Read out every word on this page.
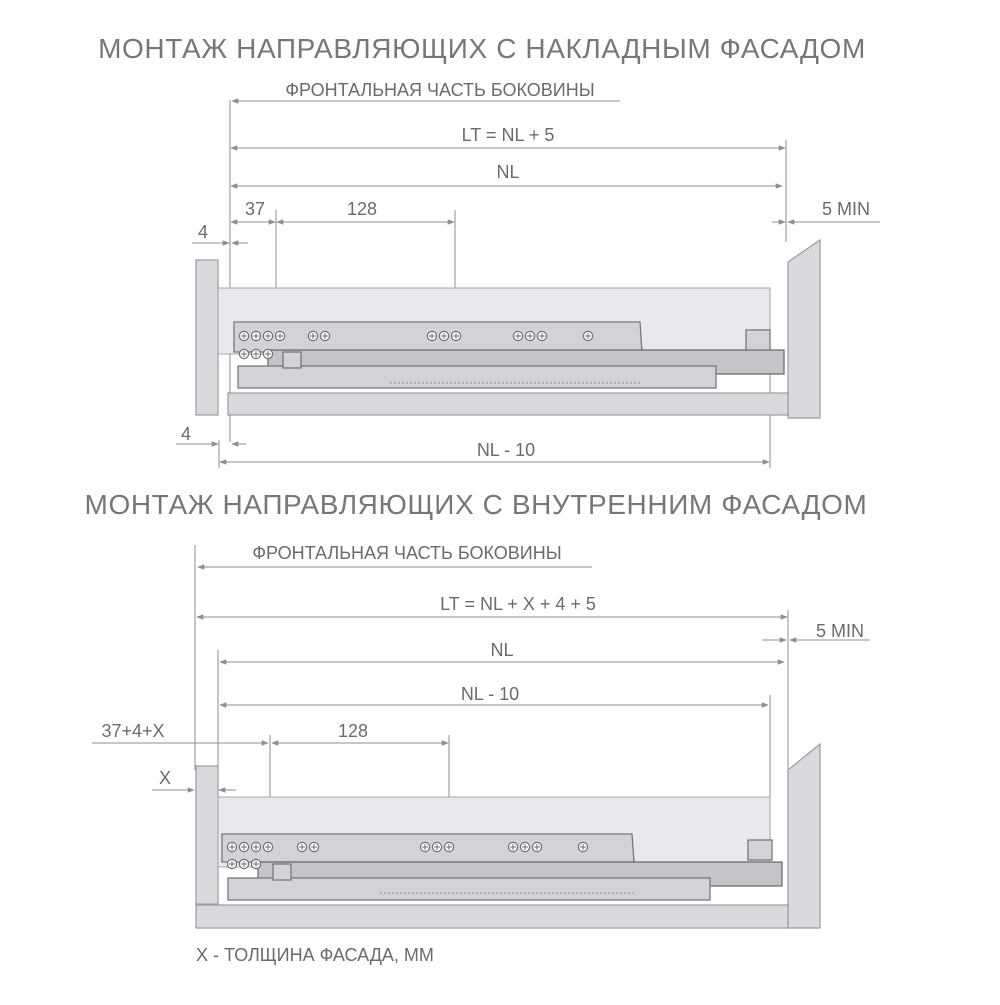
МОНТАЖ НАПРАВЛЯЮЩИХ С НАКЛАДНЫМ ФАСАДОМ
ФРОНТАЛЬНАЯ ЧАСТЬ БОКОВИНЫ
LT = NL + 5
NL
37	128	5 MIN
4
4
NL - 10
МОНТАЖ НАПРАВЛЯЮЩИХ С ВНУТРЕННИМ ФАСАДОМ
ФРОНТАЛЬНАЯ ЧАСТЬ БОКОВИНЫ
LT = NL + X + 4 + 5
5 MIN
NL
NL - 10
37+4+X	128
X
X - ТОЛЩИНА ФАСАДА, ММ
